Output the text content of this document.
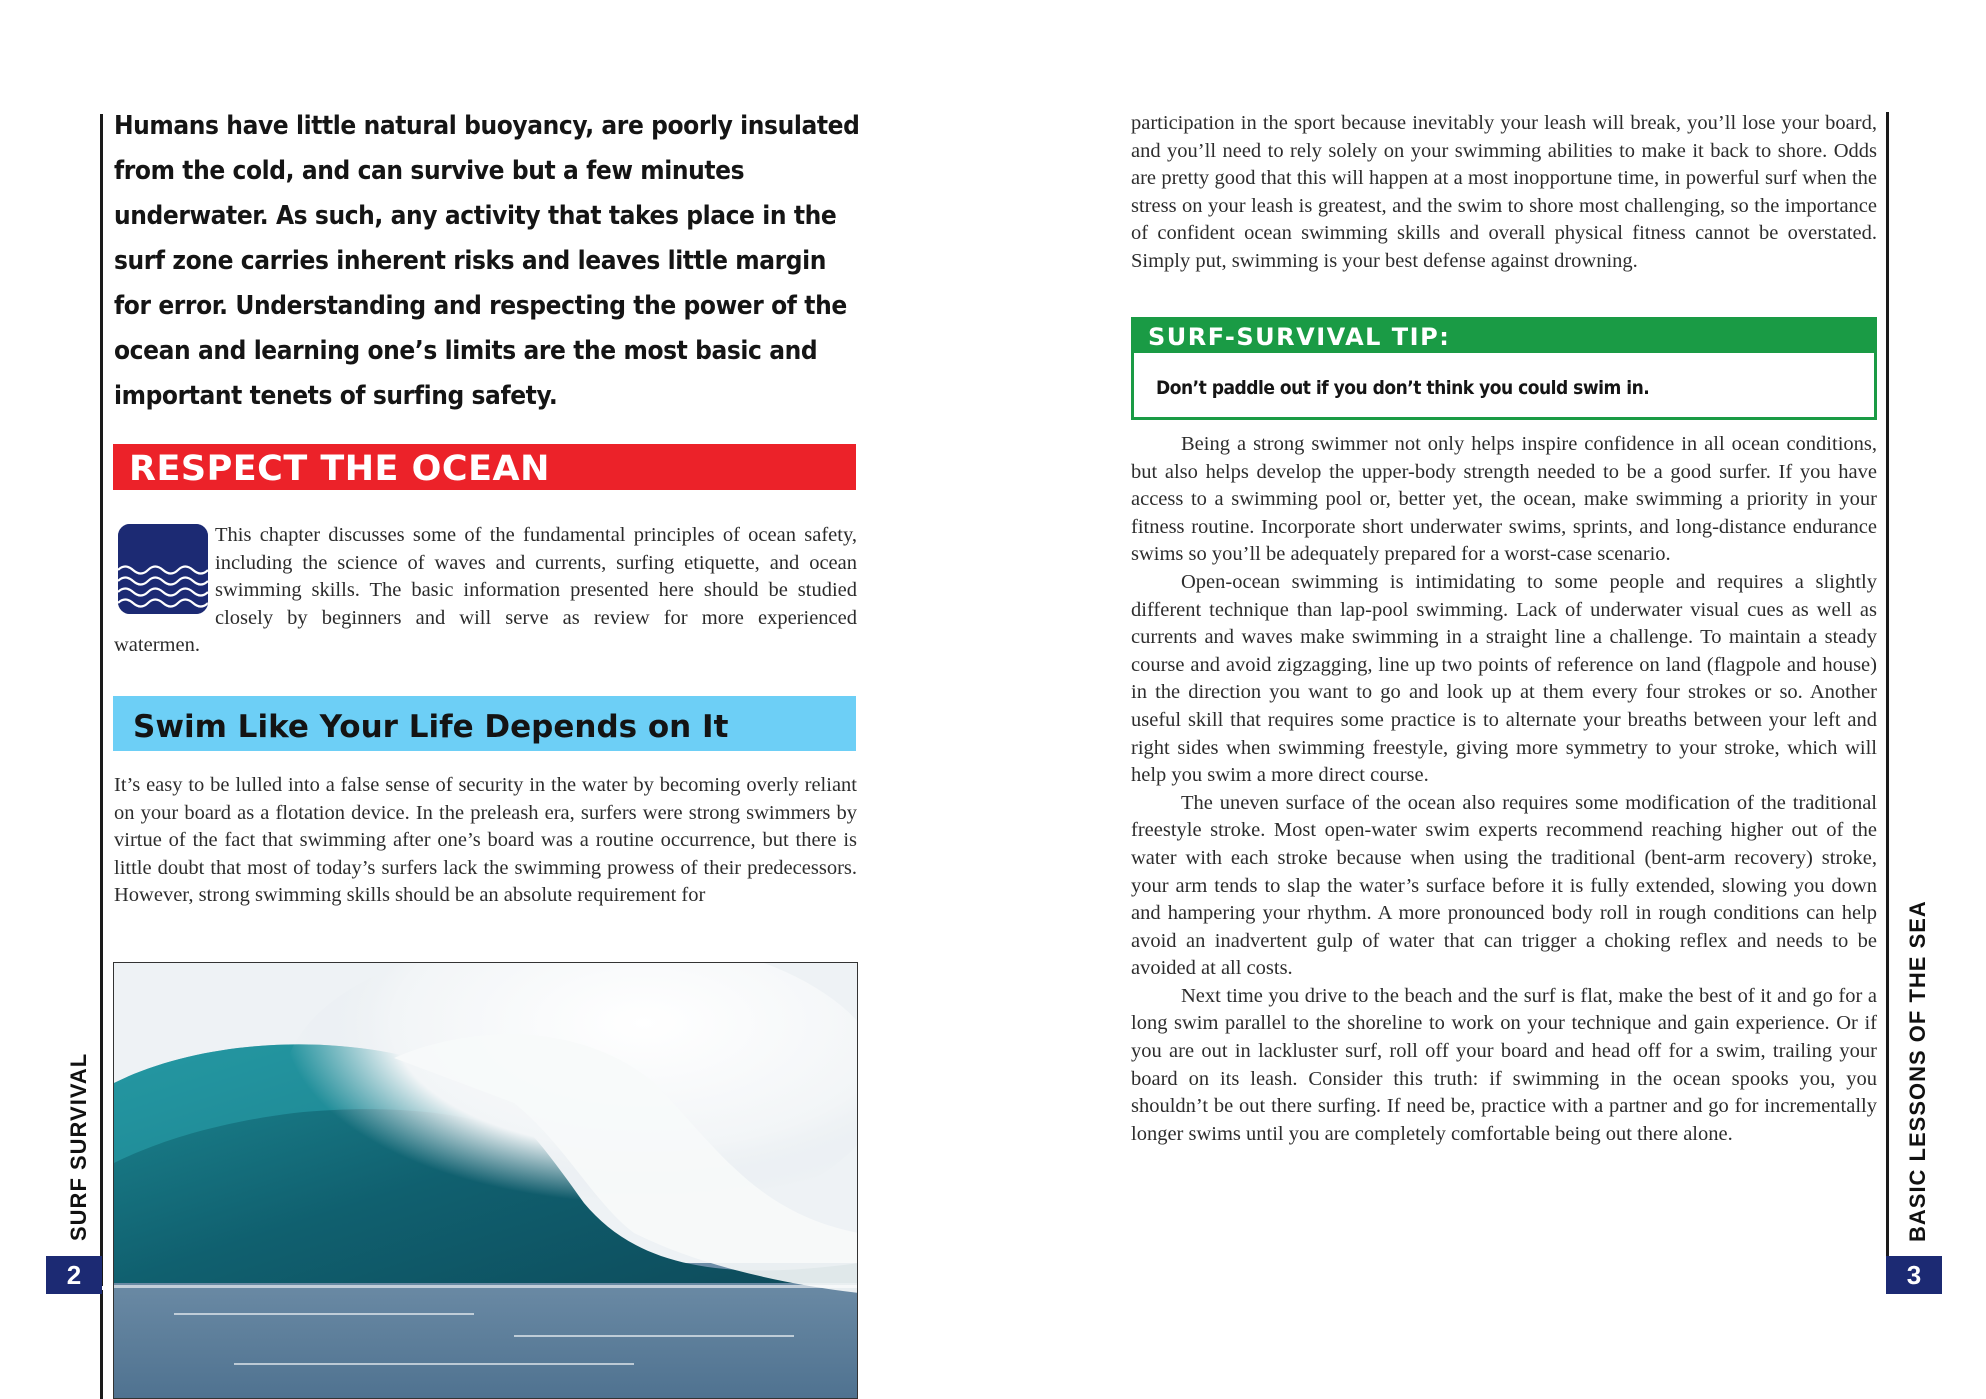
SURF SURVIVAL
2

Humans have little natural buoyancy, are poorly insulated from the cold, and can survive but a few minutes underwater. As such, any activity that takes place in the surf zone carries inherent risks and leaves little margin for error. Understanding and respecting the power of the ocean and learning one’s limits are the most basic and important tenets of surfing safety.

RESPECT THE OCEAN

This chapter discusses some of the fundamental principles of ocean safety, including the science of waves and currents, surfing etiquette, and ocean swimming skills. The basic information presented here should be studied closely by beginners and will serve as review for more experienced watermen.

Swim Like Your Life Depends on It

It’s easy to be lulled into a false sense of security in the water by becoming overly reliant on your board as a flotation device. In the preleash era, surfers were strong swimmers by virtue of the fact that swimming after one’s board was a routine occurrence, but there is little doubt that most of today’s surfers lack the swimming prowess of their predecessors. However, strong swimming skills should be an absolute requirement for

BASIC LESSONS OF THE SEA
3

participation in the sport because inevitably your leash will break, you’ll lose your board, and you’ll need to rely solely on your swimming abilities to make it back to shore. Odds are pretty good that this will happen at a most inopportune time, in powerful surf when the stress on your leash is greatest, and the swim to shore most challenging, so the importance of confident ocean swimming skills and overall physical fitness cannot be overstated. Simply put, swimming is your best defense against drowning.

SURF-SURVIVAL TIP:
Don’t paddle out if you don’t think you could swim in.

Being a strong swimmer not only helps inspire confidence in all ocean conditions, but also helps develop the upper-body strength needed to be a good surfer. If you have access to a swimming pool or, better yet, the ocean, make swimming a priority in your fitness routine. Incorporate short underwater swims, sprints, and long-distance endurance swims so you’ll be adequately prepared for a worst-case scenario.

Open-ocean swimming is intimidating to some people and requires a slightly different technique than lap-pool swimming. Lack of underwater visual cues as well as currents and waves make swimming in a straight line a challenge. To maintain a steady course and avoid zigzagging, line up two points of reference on land (flagpole and house) in the direction you want to go and look up at them every four strokes or so. Another useful skill that requires some practice is to alternate your breaths between your left and right sides when swimming freestyle, giving more symmetry to your stroke, which will help you swim a more direct course.

The uneven surface of the ocean also requires some modification of the traditional freestyle stroke. Most open-water swim experts recommend reaching higher out of the water with each stroke because when using the traditional (bent-arm recovery) stroke, your arm tends to slap the water’s surface before it is fully extended, slowing you down and hampering your rhythm. A more pronounced body roll in rough conditions can help avoid an inadvertent gulp of water that can trigger a choking reflex and needs to be avoided at all costs.

Next time you drive to the beach and the surf is flat, make the best of it and go for a long swim parallel to the shoreline to work on your technique and gain experience. Or if you are out in lackluster surf, roll off your board and head off for a swim, trailing your board on its leash. Consider this truth: if swimming in the ocean spooks you, you shouldn’t be out there surfing. If need be, practice with a partner and go for incrementally longer swims until you are completely comfortable being out there alone.
